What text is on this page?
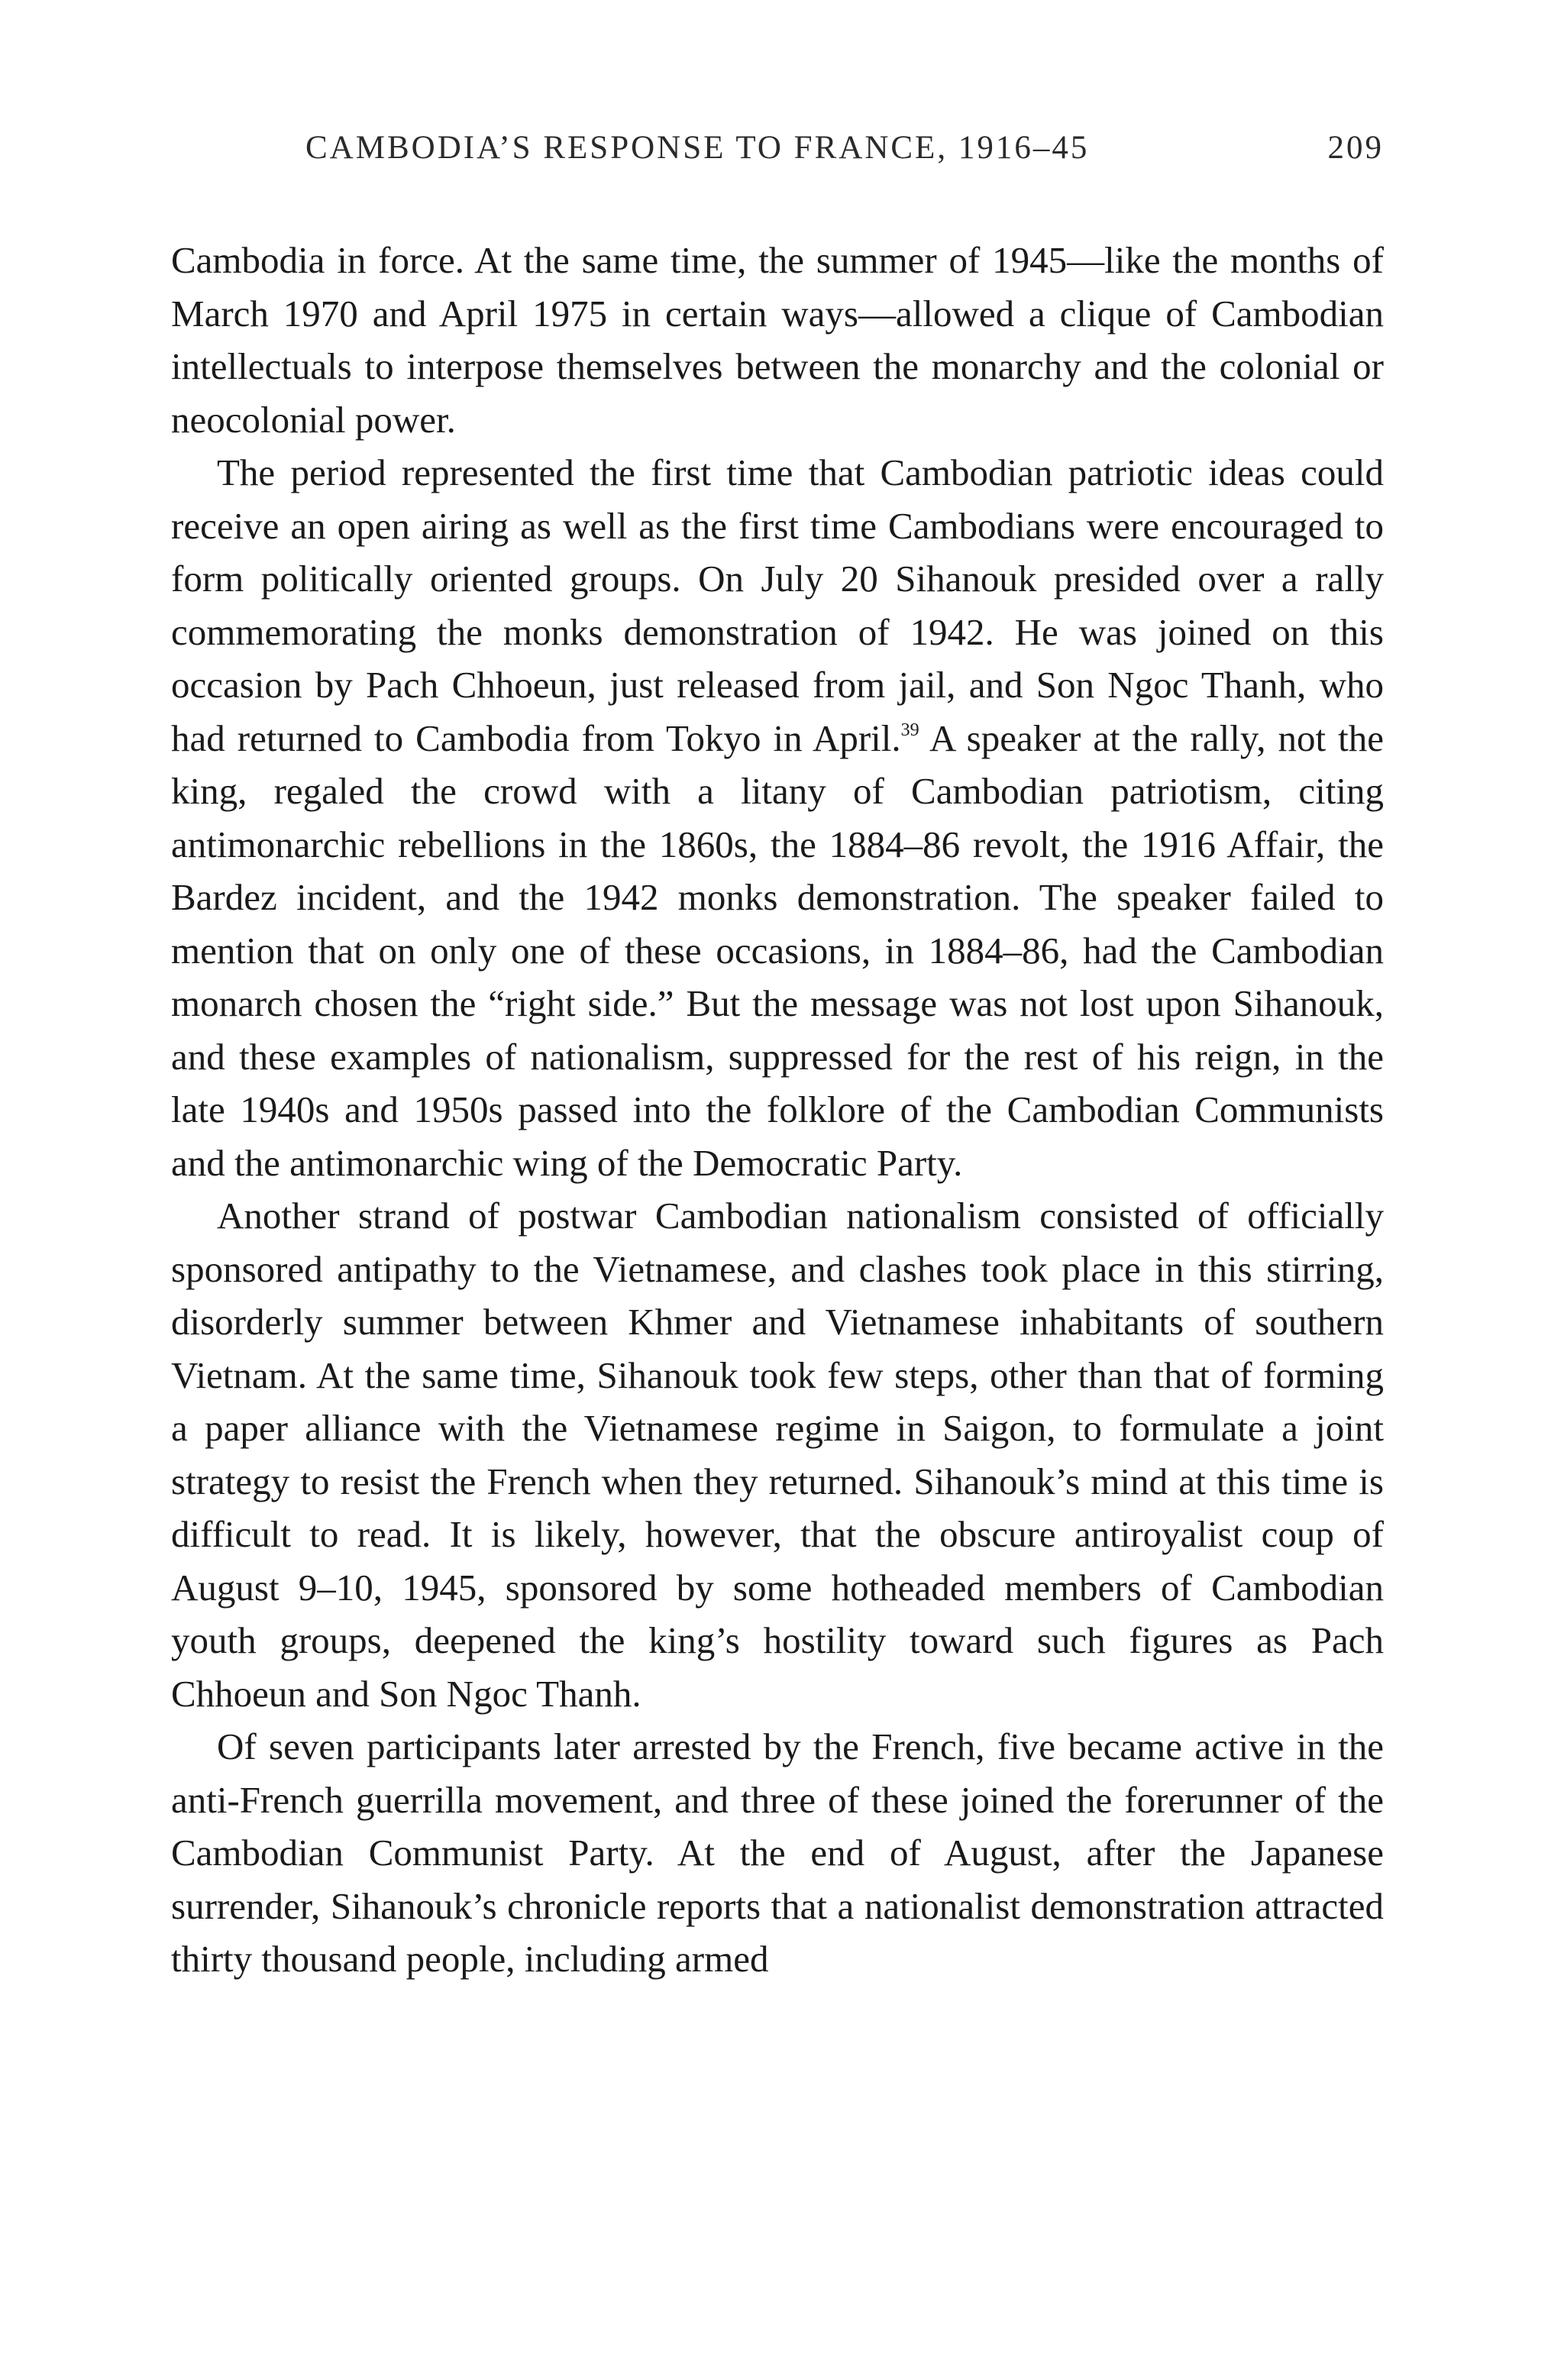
CAMBODIA’S RESPONSE TO FRANCE, 1916–45	209

Cambodia in force. At the same time, the summer of 1945—like the months of March 1970 and April 1975 in certain ways—allowed a clique of Cambodian intellectuals to interpose themselves between the monarchy and the colonial or neocolonial power.

The period represented the first time that Cambodian patriotic ideas could receive an open airing as well as the first time Cambodians were encouraged to form politically oriented groups. On July 20 Sihanouk presided over a rally commemorating the monks demonstration of 1942. He was joined on this occasion by Pach Chhoeun, just released from jail, and Son Ngoc Thanh, who had returned to Cambodia from Tokyo in April.$^{39}$ A speaker at the rally, not the king, regaled the crowd with a litany of Cambodian patriotism, citing antimonarchic rebellions in the 1860s, the 1884–86 revolt, the 1916 Affair, the Bardez incident, and the 1942 monks demonstration. The speaker failed to mention that on only one of these occasions, in 1884–86, had the Cambodian monarch chosen the “right side.” But the message was not lost upon Sihanouk, and these examples of nationalism, suppressed for the rest of his reign, in the late 1940s and 1950s passed into the folklore of the Cambodian Communists and the antimonarchic wing of the Democratic Party.

Another strand of postwar Cambodian nationalism consisted of officially sponsored antipathy to the Vietnamese, and clashes took place in this stirring, disorderly summer between Khmer and Vietnamese inhabitants of southern Vietnam. At the same time, Sihanouk took few steps, other than that of forming a paper alliance with the Vietnamese regime in Saigon, to formulate a joint strategy to resist the French when they returned. Sihanouk’s mind at this time is difficult to read. It is likely, however, that the obscure antiroyalist coup of August 9–10, 1945, sponsored by some hotheaded members of Cambodian youth groups, deepened the king’s hostility toward such figures as Pach Chhoeun and Son Ngoc Thanh.

Of seven participants later arrested by the French, five became active in the anti-French guerrilla movement, and three of these joined the forerunner of the Cambodian Communist Party. At the end of August, after the Japanese surrender, Sihanouk’s chronicle reports that a nationalist demonstration attracted thirty thousand people, including armed
